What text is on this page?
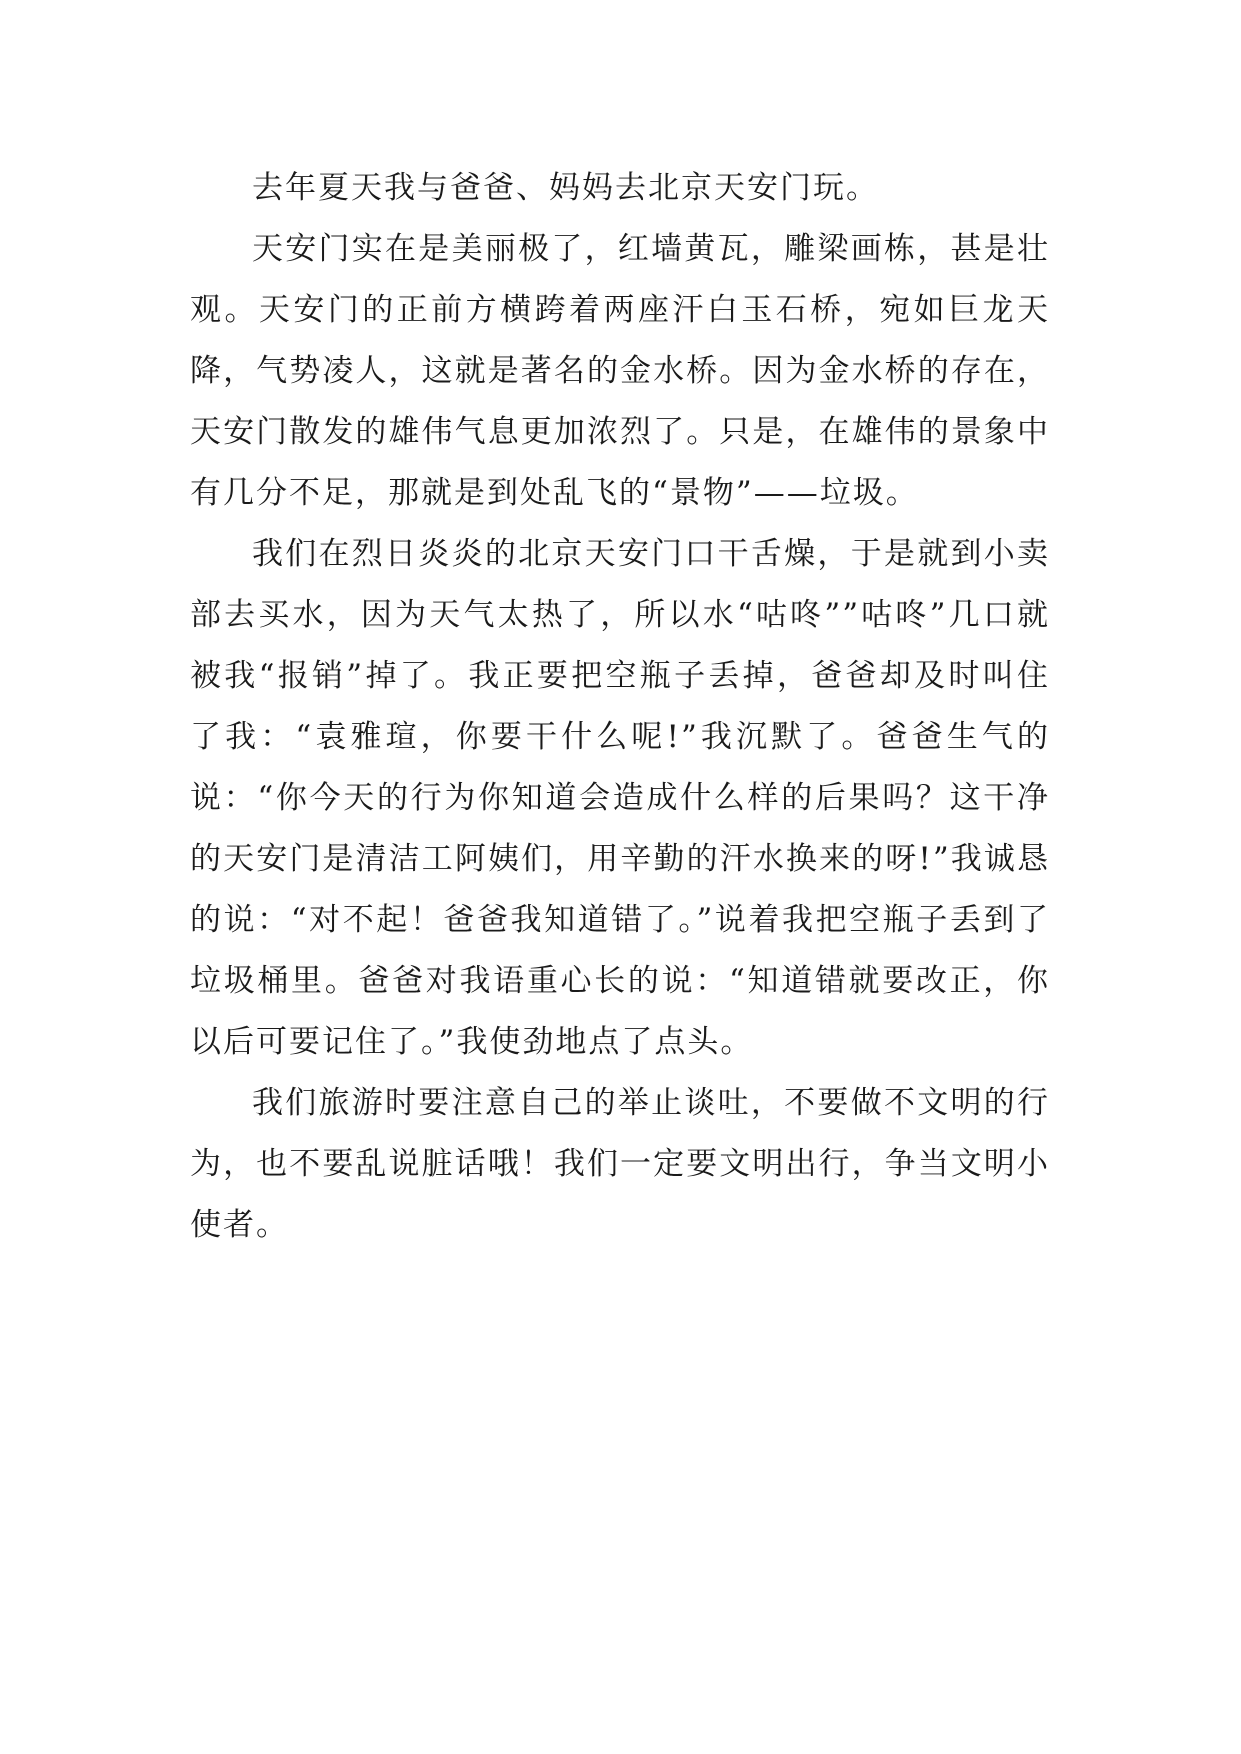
去年夏天我与爸爸、妈妈去北京天安门玩。

天安门实在是美丽极了，红墙黄瓦，雕梁画栋，甚是壮观。天安门的正前方横跨着两座汗白玉石桥，宛如巨龙天降，气势凌人，这就是著名的金水桥。因为金水桥的存在，天安门散发的雄伟气息更加浓烈了。只是，在雄伟的景象中有几分不足，那就是到处乱飞的“景物”——垃圾。

我们在烈日炎炎的北京天安门口干舌燥，于是就到小卖部去买水，因为天气太热了，所以水“咕咚””咕咚”几口就被我“报销”掉了。我正要把空瓶子丢掉，爸爸却及时叫住了我：“袁雅瑄，你要干什么呢!”我沉默了。爸爸生气的说：“你今天的行为你知道会造成什么样的后果吗？这干净的天安门是清洁工阿姨们，用辛勤的汗水换来的呀!”我诚恳的说：“对不起！爸爸我知道错了。”说着我把空瓶子丢到了垃圾桶里。爸爸对我语重心长的说：“知道错就要改正，你以后可要记住了。”我使劲地点了点头。

我们旅游时要注意自己的举止谈吐，不要做不文明的行为，也不要乱说脏话哦！我们一定要文明出行，争当文明小使者。
